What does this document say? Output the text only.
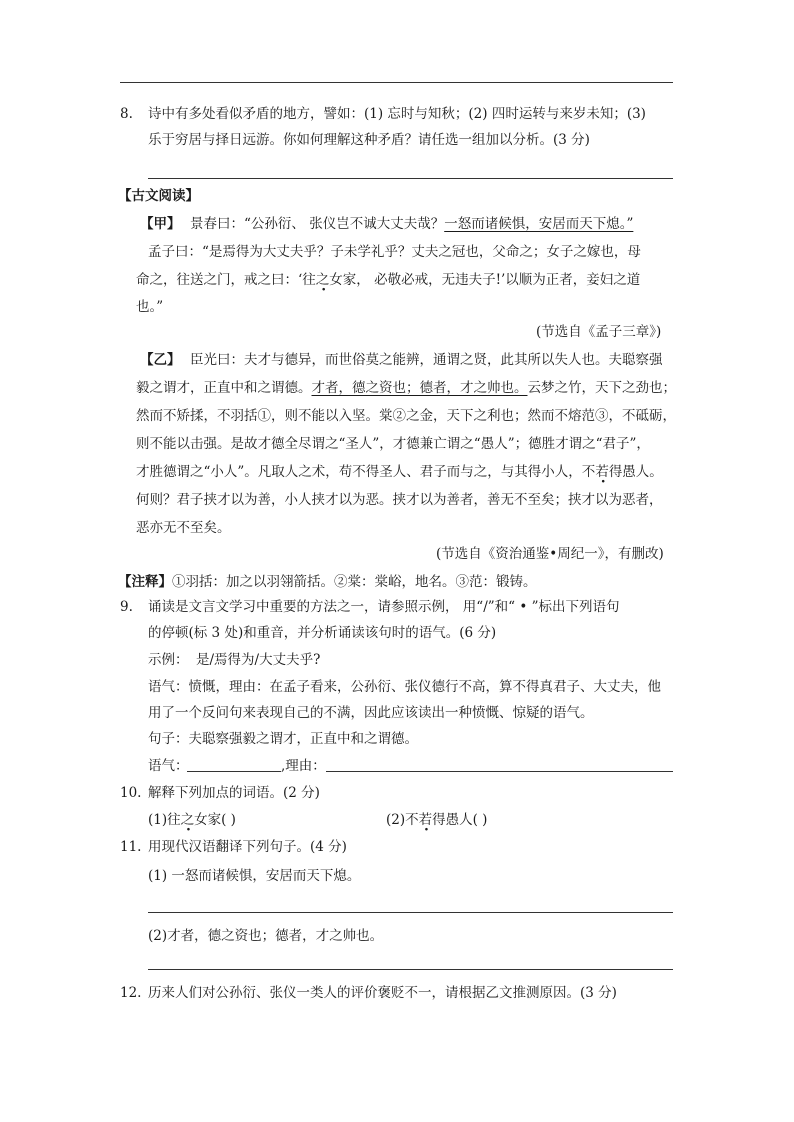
8. 诗中有多处看似矛盾的地方，譬如：(1) 忘时与知秋；(2) 四时运转与来岁未知；(3)
乐于穷居与择日远游。你如何理解这种矛盾？请任选一组加以分析。(3 分)
【古文阅读】
【甲】 景春曰：“公孙衍、 张仪岂不诚大丈夫哉？一怒而诸候惧，安居而天下熄。”
孟子曰：“是焉得为大丈夫乎？子未学礼乎？丈夫之冠也，父命之；女子之嫁也，母
命之，往送之门，戒之曰：‘往之女家， 必敬必戒，无违夫子!’以顺为正者，妾妇之道
也。”
(节选自《孟子三章》)
【乙】 臣光曰：夫才与德异，而世俗莫之能辨，通谓之贤，此其所以失人也。夫聪察强
毅之谓才，正直中和之谓德。才者，德之资也；德者，才之帅也。云梦之竹，天下之劲也；
然而不矫揉，不羽括①，则不能以入坚。棠②之金，天下之利也；然而不熔范③，不砥砺，
则不能以击强。是故才德全尽谓之“圣人”，才德兼亡谓之“愚人”；德胜才谓之“君子”，
才胜德谓之“小人”。凡取人之术，苟不得圣人、君子而与之，与其得小人，不若得愚人。
何则？君子挟才以为善，小人挟才以为恶。挟才以为善者，善无不至矣；挟才以为恶者，
恶亦无不至矣。
(节选自《资治通鉴•周纪一》，有删改)
【注释】①羽括：加之以羽翎箭括。②棠：棠峪，地名。③范：锻铸。
9. 诵读是文言文学习中重要的方法之一，请参照示例， 用“/”和“ • ”标出下列语句
的停顿(标 3 处)和重音，并分析诵读该句时的语气。(6 分)
示例： 是/焉得为/大丈夫乎?
语气：愤慨，理由：在孟子看来，公孙衍、张仪德行不高，算不得真君子、大丈夫，他
用了一个反问句来表现自己的不满，因此应该读出一种愤慨、惊疑的语气。
句子：夫聪察强毅之谓才，正直中和之谓德。
语气：	,理由：
10. 解释下列加点的词语。(2 分)
(1)往之女家( )	(2)不若得愚人( )
11. 用现代汉语翻译下列句子。(4 分)
(1) 一怒而诸候惧，安居而天下熄。
(2)才者，德之资也；德者，才之帅也。
12. 历来人们对公孙衍、张仪一类人的评价褒贬不一，请根据乙文推测原因。(3 分)
